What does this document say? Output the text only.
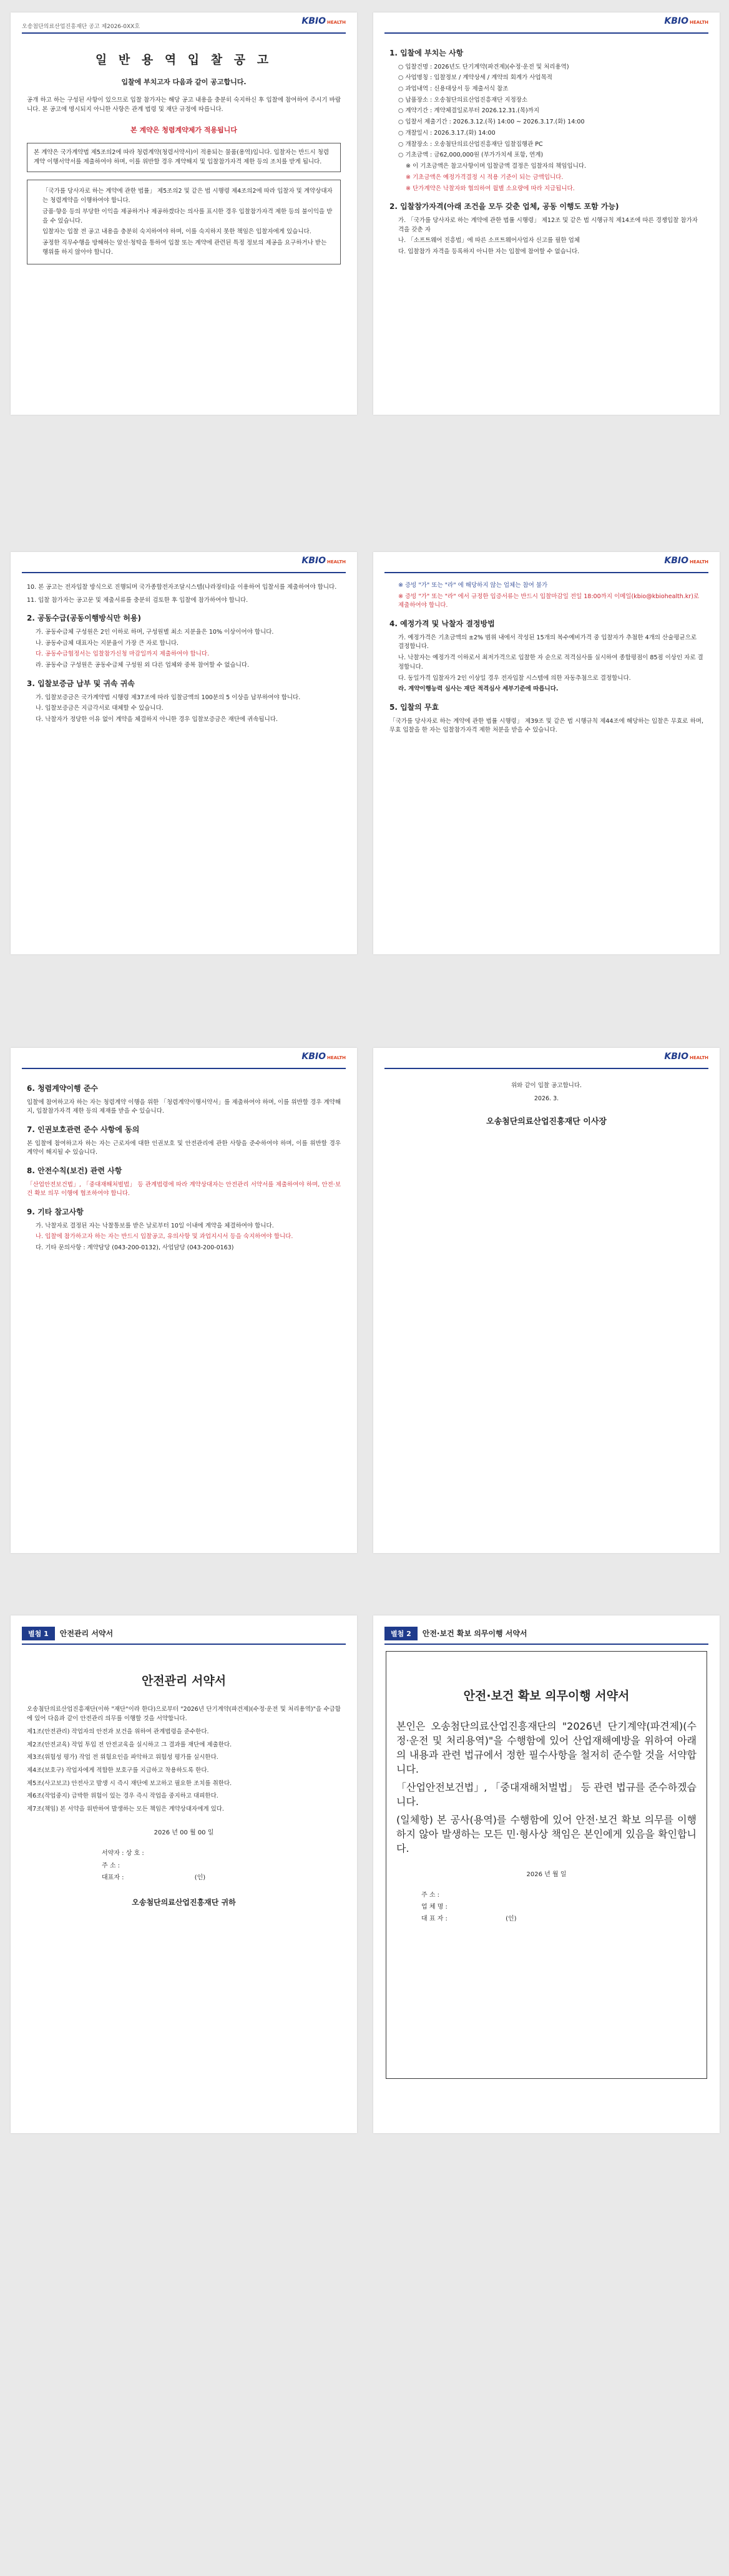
오송첨단의료산업진흥재단 공고 제2026-0XX호
KBIO HEALTH
일 반 용 역 입 찰 공 고
입찰에 부치고자 다음과 같이 공고합니다.
공개 하고 하는 구성된 사항이 있으므로 입찰 참가자는 해당 공고 내용을 충분히 숙지하신 후 입찰에 참여하여 주시기 바랍니다. 본 공고에 명시되지 아니한 사항은 관계 법령 및 재단 규정에 따릅니다.
본 계약은 청렴계약제가 적용됩니다
본 계약은 국가계약법 제5조의2에 따라 청렴계약(청렴서약서)이 적용되는 물품(용역)입니다. 입찰자는 반드시 청렴계약 이행서약서를 제출하여야 하며, 이를 위반할 경우 계약해지 및 입찰참가자격 제한 등의 조치를 받게 됩니다.
「국가를 당사자로 하는 계약에 관한 법률」 제5조의2 및 같은 법 시행령 제4조의2에 따라 입찰자 및 계약상대자는 청렴계약을 이행하여야 합니다.
금품·향응 등의 부당한 이익을 제공하거나 제공하겠다는 의사를 표시한 경우 입찰참가자격 제한 등의 불이익을 받을 수 있습니다.
입찰자는 입찰 전 공고 내용을 충분히 숙지하여야 하며, 이를 숙지하지 못한 책임은 입찰자에게 있습니다.
공정한 직무수행을 방해하는 알선·청탁을 통하여 입찰 또는 계약에 관련된 특정 정보의 제공을 요구하거나 받는 행위를 하지 않아야 합니다.
KBIO HEALTH
1. 입찰에 부치는 사항
○ 입찰건명 : 2026년도 단기계약(파견제)(수정·운전 및 처리용역)
○ 사업명칭 : 입찰정보 / 계약상세 / 계약의 회계가 사업목적
○ 과업내역 : 신용대상서 등 제출서식 참조
○ 납품장소 : 오송첨단의료산업진흥재단 지정장소
○ 계약기간 : 계약체결일로부터 2026.12.31.(목)까지
○ 입찰서 제출기간 : 2026.3.12.(목) 14:00 ~ 2026.3.17.(화) 14:00
○ 개찰일시 : 2026.3.17.(화) 14:00
○ 개찰장소 : 오송첨단의료산업진흥재단 입찰집행관 PC
○ 기초금액 : 금62,000,000원 (부가가치세 포함, 연계)
※ 이 기초금액은 참고사항이며 입찰금액 결정은 입찰자의 책임입니다.
※ 기초금액은 예정가격결정 시 적용 기준이 되는 금액입니다.
※ 단가계약은 낙찰자와 협의하여 월별 소요량에 따라 지급됩니다.
2. 입찰참가자격(아래 조건을 모두 갖춘 업체, 공동 이행도 포함 가능)
가. 「국가를 당사자로 하는 계약에 관한 법률 시행령」 제12조 및 같은 법 시행규칙 제14조에 따른 경쟁입찰 참가자격을 갖춘 자
나. 「소프트웨어 진흥법」에 따른 소프트웨어사업자 신고를 필한 업체
다. 입찰참가 자격을 등록하지 아니한 자는 입찰에 참여할 수 없습니다.
KBIO HEALTH
10. 본 공고는 전자입찰 방식으로 진행되며 국가종합전자조달시스템(나라장터)을 이용하여 입찰서를 제출하여야 합니다.
11. 입찰 참가자는 공고문 및 제출서류를 충분히 검토한 후 입찰에 참가하여야 합니다.
2. 공동수급(공동이행방식만 허용)
가. 공동수급체 구성원은 2인 이하로 하며, 구성원별 최소 지분율은 10% 이상이어야 합니다.
나. 공동수급체 대표자는 지분율이 가장 큰 자로 합니다.
다. 공동수급협정서는 입찰참가신청 마감일까지 제출하여야 합니다.
라. 공동수급 구성원은 공동수급체 구성원 외 다른 업체와 중복 참여할 수 없습니다.
3. 입찰보증금 납부 및 귀속 귀속
가. 입찰보증금은 국가계약법 시행령 제37조에 따라 입찰금액의 100분의 5 이상을 납부하여야 합니다.
나. 입찰보증금은 지급각서로 대체할 수 있습니다.
다. 낙찰자가 정당한 이유 없이 계약을 체결하지 아니한 경우 입찰보증금은 재단에 귀속됩니다.
KBIO HEALTH
※ 증빙 "가" 또는 "라" 에 해당하지 않는 업체는 참여 불가
※ 증빙 "가" 또는 "라" 에서 규정한 입증서류는 반드시 입찰마감일 전일 18:00까지 이메일(kbio@kbiohealth.kr)로 제출하여야 합니다.
4. 예정가격 및 낙찰자 결정방법
가. 예정가격은 기초금액의 ±2% 범위 내에서 작성된 15개의 복수예비가격 중 입찰자가 추첨한 4개의 산술평균으로 결정합니다.
나. 낙찰자는 예정가격 이하로서 최저가격으로 입찰한 자 순으로 적격심사를 실시하여 종합평점이 85점 이상인 자로 결정합니다.
다. 동일가격 입찰자가 2인 이상일 경우 전자입찰 시스템에 의한 자동추첨으로 결정합니다.
라. 계약이행능력 심사는 재단 적격심사 세부기준에 따릅니다.
5. 입찰의 무효
「국가를 당사자로 하는 계약에 관한 법률 시행령」 제39조 및 같은 법 시행규칙 제44조에 해당하는 입찰은 무효로 하며, 무효 입찰을 한 자는 입찰참가자격 제한 처분을 받을 수 있습니다.
KBIO HEALTH
6. 청렴계약이행 준수
입찰에 참여하고자 하는 자는 청렴계약 이행을 위한 「청렴계약이행서약서」를 제출하여야 하며, 이를 위반할 경우 계약해지, 입찰참가자격 제한 등의 제재를 받을 수 있습니다.
7. 인권보호관련 준수 사항에 동의
본 입찰에 참여하고자 하는 자는 근로자에 대한 인권보호 및 안전관리에 관한 사항을 준수하여야 하며, 이를 위반할 경우 계약이 해지될 수 있습니다.
8. 안전수칙(보건) 관련 사항
「산업안전보건법」, 「중대재해처벌법」 등 관계법령에 따라 계약상대자는 안전관리 서약서를 제출하여야 하며, 안전·보건 확보 의무 이행에 협조하여야 합니다.
9. 기타 참고사항
가. 낙찰자로 결정된 자는 낙찰통보를 받은 날로부터 10일 이내에 계약을 체결하여야 합니다.
나. 입찰에 참가하고자 하는 자는 반드시 입찰공고, 유의사항 및 과업지시서 등을 숙지하여야 합니다.
다. 기타 문의사항 : 계약담당 (043-200-0132), 사업담당 (043-200-0163)
KBIO HEALTH
위와 같이 입찰 공고합니다.
2026. 3.
오송첨단의료산업진흥재단 이사장
별첨 1 안전관리 서약서
안전관리 서약서
오송첨단의료산업진흥재단(이하 "재단"이라 한다)으로부터 "2026년 단기계약(파견제)(수정·운전 및 처리용역)"을 수급함에 있어 다음과 같이 안전관리 의무를 이행할 것을 서약합니다.
제1조(안전관리) 작업자의 안전과 보건을 위하여 관계법령을 준수한다.
제2조(안전교육) 작업 투입 전 안전교육을 실시하고 그 결과를 재단에 제출한다.
제3조(위험성 평가) 작업 전 위험요인을 파악하고 위험성 평가를 실시한다.
제4조(보호구) 작업자에게 적합한 보호구를 지급하고 착용하도록 한다.
제5조(사고보고) 안전사고 발생 시 즉시 재단에 보고하고 필요한 조치를 취한다.
제6조(작업중지) 급박한 위험이 있는 경우 즉시 작업을 중지하고 대피한다.
제7조(책임) 본 서약을 위반하여 발생하는 모든 책임은 계약상대자에게 있다.
2026 년 00 월 00 일
서약자 : 상 호 :
주 소 :
대표자 :	(인)
오송첨단의료산업진흥재단 귀하
별첨 2 안전·보건 확보 의무이행 서약서
안전·보건 확보 의무이행 서약서
본인은 오송첨단의료산업진흥재단의 "2026년 단기계약(파견제)(수정·운전 및 처리용역)"을 수행함에 있어 산업재해예방을 위하여 아래의 내용과 관련 법규에서 정한 필수사항을 철저히 준수할 것을 서약합니다.
「산업안전보건법」, 「중대재해처벌법」 등 관련 법규를 준수하겠습니다.
(일체항) 본 공사(용역)를 수행함에 있어 안전·보건 확보 의무를 이행하지 않아 발생하는 모든 민·형사상 책임은 본인에게 있음을 확인합니다.
2026 년 월 일
주 소 :
업 체 명 :
대 표 자 :	(인)
